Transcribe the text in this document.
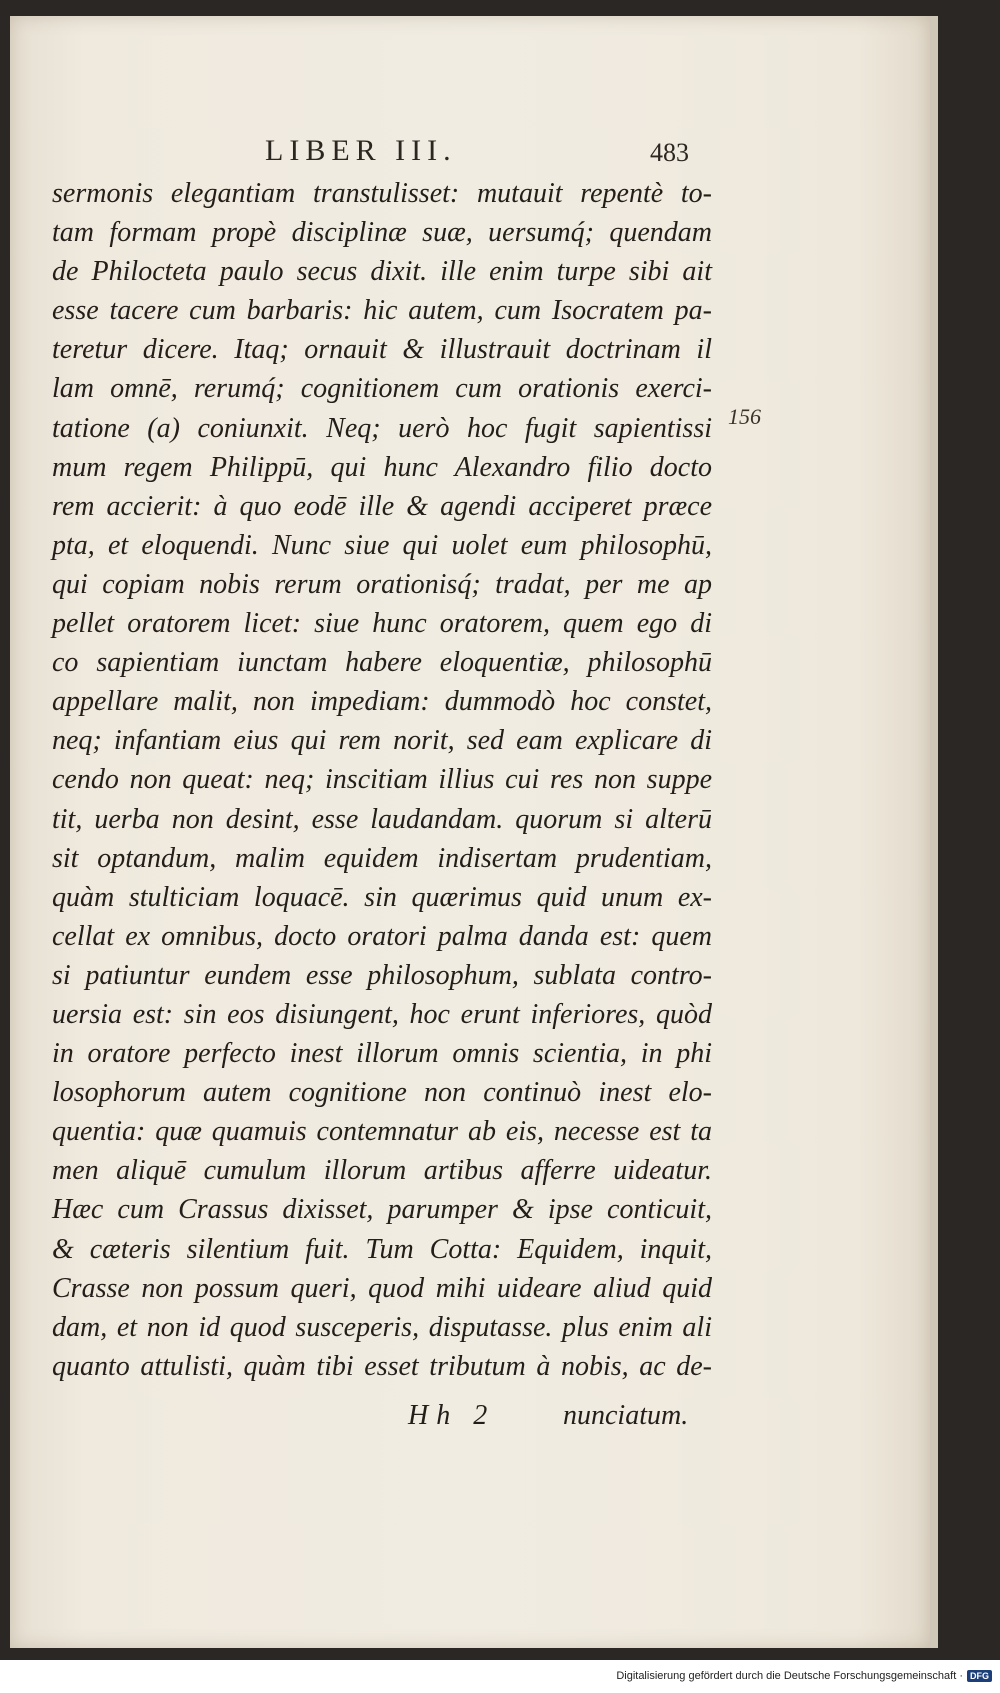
LIBER III.	483
sermonis elegantiam transtulisset: mutauit repentè to-
tam formam propè disciplinæ suæ, uersumq́; quendam
de Philocteta paulo secus dixit. ille enim turpe sibi ait
esse tacere cum barbaris: hic autem, cum Isocratem pa-
teretur dicere. Itaq; ornauit & illustrauit doctrinam il
lam omnē, rerumq́; cognitionem cum orationis exerci-
tatione (a) coniunxit. Neq; uerò hoc fugit sapientissi
mum regem Philippū, qui hunc Alexandro filio docto
rem accierit: à quo eodē ille & agendi acciperet præce
pta, et eloquendi. Nunc siue qui uolet eum philosophū,
qui copiam nobis rerum orationisq́; tradat, per me ap
pellet oratorem licet: siue hunc oratorem, quem ego di
co sapientiam iunctam habere eloquentiæ, philosophū
appellare malit, non impediam: dummodò hoc constet,
neq; infantiam eius qui rem norit, sed eam explicare di
cendo non queat: neq; inscitiam illius cui res non suppe
tit, uerba non desint, esse laudandam. quorum si alterū
sit optandum, malim equidem indisertam prudentiam,
quàm stulticiam loquacē. sin quærimus quid unum ex-
cellat ex omnibus, docto oratori palma danda est: quem
si patiuntur eundem esse philosophum, sublata contro-
uersia est: sin eos disiungent, hoc erunt inferiores, quòd
in oratore perfecto inest illorum omnis scientia, in phi
losophorum autem cognitione non continuò inest elo-
quentia: quæ quamuis contemnatur ab eis, necesse est ta
men aliquē cumulum illorum artibus afferre uideatur.
Hæc cum Crassus dixisset, parumper & ipse conticuit,
& cæteris silentium fuit. Tum Cotta: Equidem, inquit,
Crasse non possum queri, quod mihi uideare aliud quid
dam, et non id quod susceperis, disputasse. plus enim ali
quanto attulisti, quàm tibi esset tributum à nobis, ac de-
156
Hh 2 nunciatum.
Digitalisierung gefördert durch die Deutsche Forschungsgemeinschaft · DFG
